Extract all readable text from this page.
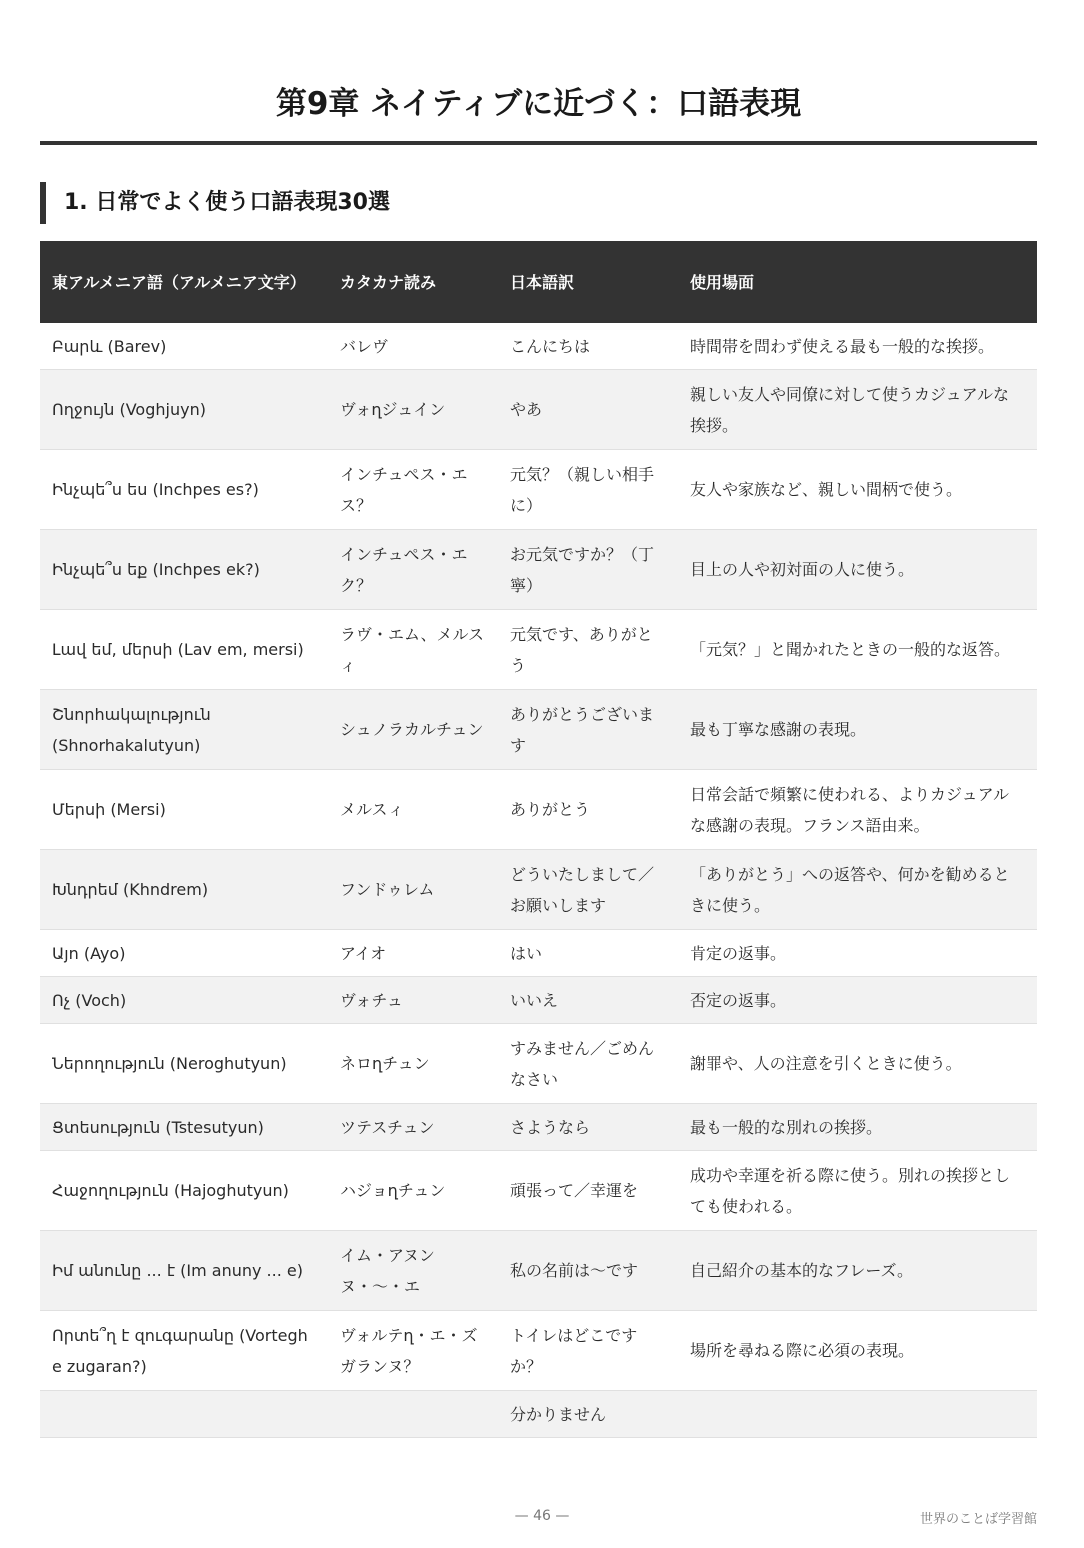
第9章 ネイティブに近づく：口語表現
1. 日常でよく使う口語表現30選
東アルメニア語（アルメニア文字）	カタカナ読み	日本語訳	使用場面
Բարև (Barev)	バレヴ	こんにちは	時間帯を問わず使える最も一般的な挨拶。
Ողջույն (Voghjuyn)	ヴォղジュイン	やあ	親しい友人や同僚に対して使うカジュアルな挨拶。
Ինչպե՞ս ես (Inchpes es?)	インチュペス・エス？	元気？（親しい相手に）	友人や家族など、親しい間柄で使う。
Ինչպե՞ս եք (Inchpes ek?)	インチュペス・エク？	お元気ですか？（丁寧）	目上の人や初対面の人に使う。
Լավ եմ, մերսի (Lav em, mersi)	ラヴ・エム、メルスィ	元気です、ありがとう	「元気？」と聞かれたときの一般的な返答。
Շնորհակալություն (Shnorhakalutyun)	シュノラカルチュン	ありがとうございます	最も丁寧な感謝の表現。
Մերսի (Mersi)	メルスィ	ありがとう	日常会話で頻繁に使われる、よりカジュアルな感謝の表現。フランス語由来。
Խնդրեմ (Khndrem)	フンドゥレム	どういたしまして／お願いします	「ありがとう」への返答や、何かを勧めるときに使う。
Այո (Ayo)	アイオ	はい	肯定の返事。
Ոչ (Voch)	ヴォチュ	いいえ	否定の返事。
Ներողություն (Neroghutyun)	ネロղチュン	すみません／ごめんなさい	謝罪や、人の注意を引くときに使う。
Ցտեսություն (Tstesutyun)	ツテスチュン	さようなら	最も一般的な別れの挨拶。
Հաջողություն (Hajoghutyun)	ハジョղチュン	頑張って／幸運を	成功や幸運を祈る際に使う。別れの挨拶としても使われる。
Իմ անունը ... է (Im anuny ... e)	イム・アヌンヌ・〜・エ	私の名前は〜です	自己紹介の基本的なフレーズ。
Որտե՞ղ է զուգարանը (Vortegh e zugaran?)	ヴォルテղ・エ・ズガランヌ？	トイレはどこですか？	場所を尋ねる際に必須の表現。
		分かりません	
— 46 —	世界のことば学習館
